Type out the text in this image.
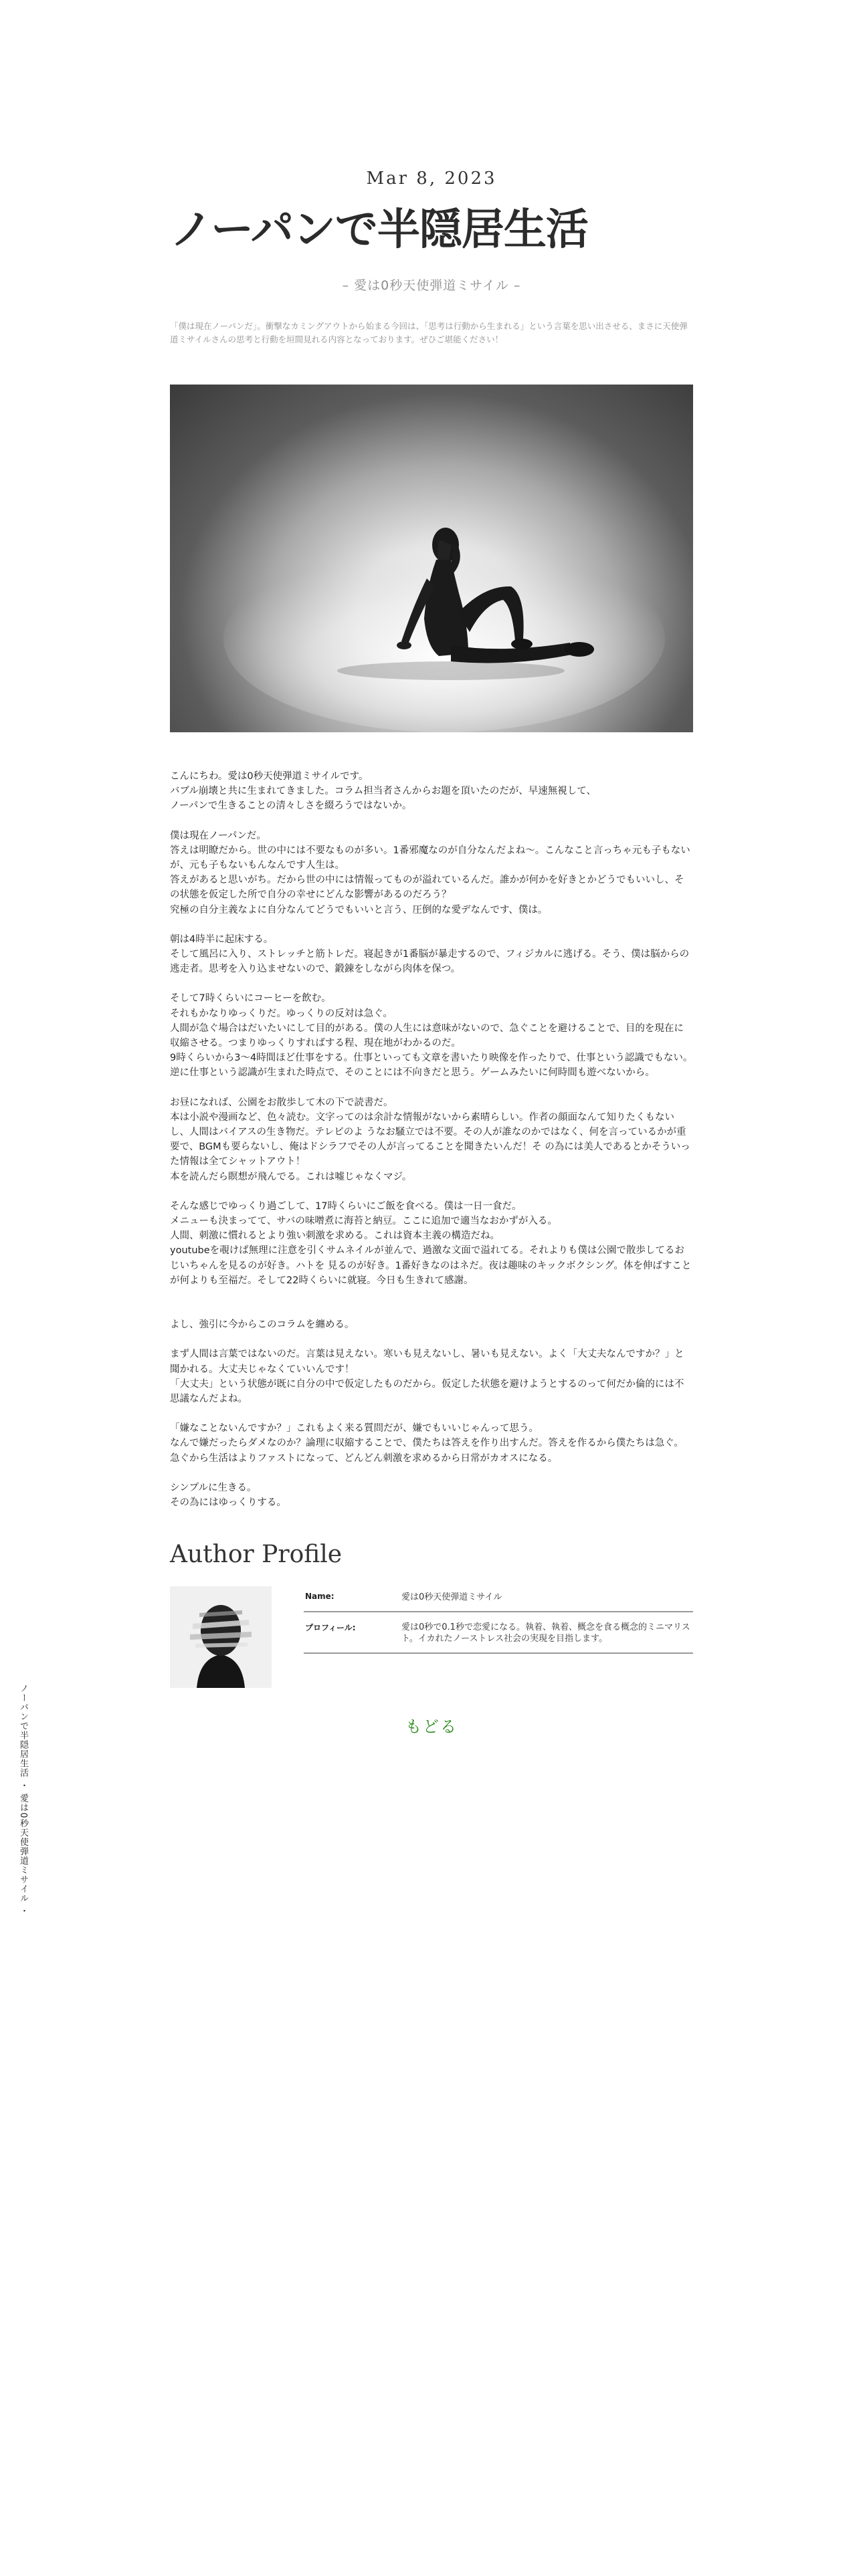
ノーパンで半隠居生活 ・ 愛は0秒天使弾道ミサイル ・
Mar 8, 2023
ノーパンで半隠居生活
– 愛は0秒天使弾道ミサイル –
「僕は現在ノーパンだ」。衝撃なカミングアウトから始まる今回は、「思考は行動から生まれる」という言葉を思い出させる、まさに天使弾道ミサイルさんの思考と行動を垣間見れる内容となっております。ぜひご堪能ください！

こんにちわ。愛は0秒天使弾道ミサイルです。
バブル崩壊と共に生まれてきました。コラム担当者さんからお題を頂いたのだが、早速無視して、
ノーパンで生きることの清々しさを綴ろうではないか。

僕は現在ノーパンだ。
答えは明瞭だから。世の中には不要なものが多い。1番邪魔なのが自分なんだよね〜。こんなこと言っちゃ元も子もないが、元も子もないもんなんです人生は。
答えがあると思いがち。だから世の中には情報ってものが溢れているんだ。誰かが何かを好きとかどうでもいいし、その状態を仮定した所で自分の幸せにどんな影響があるのだろう？
究極の自分主義なよに自分なんてどうでもいいと言う、圧倒的な愛デなんです、僕は。

朝は4時半に起床する。
そして風呂に入り、ストレッチと筋トレだ。寝起きが1番脳が暴走するので、フィジカルに逃げる。そう、僕は脳からの逃走者。思考を入り込ませないので、鍛錬をしながら肉体を保つ。

そして7時くらいにコーヒーを飲む。
それもかなりゆっくりだ。ゆっくりの反対は急ぐ。
人間が急ぐ場合はだいたいにして目的がある。僕の人生には意味がないので、急ぐことを避けることで、目的を現在に収縮させる。つまりゆっくりすればする程、現在地がわかるのだ。
9時くらいから3〜4時間ほど仕事をする。仕事といっても文章を書いたり映像を作ったりで、仕事という認識でもない。逆に仕事という認識が生まれた時点で、そのことには不向きだと思う。ゲームみたいに何時間も遊べないから。

お昼になれば、公園をお散歩して木の下で読書だ。
本は小説や漫画など、色々読む。文字ってのは余計な情報がないから素晴らしい。作者の顔面なんて知りたくもないし、人間はバイアスの生き物だ。テレビのよ うなお騒立では不要。その人が誰なのかではなく、何を言っているかが重要で、BGMも要らないし、俺はドシラフでその人が言ってることを聞きたいんだ！そ の為には美人であるとかそういった情報は全てシャットアウト！
本を読んだら瞑想が飛んでる。これは嘘じゃなくマジ。

そんな感じでゆっくり過ごして、17時くらいにご飯を食べる。僕は一日一食だ。
メニューも決まってて、サバの味噌煮に海苔と納豆。ここに追加で適当なおかずが入る。
人間、刺激に慣れるとより強い刺激を求める。これは資本主義の構造だね。
youtubeを覗けば無理に注意を引くサムネイルが並んで、過激な文面で溢れてる。それよりも僕は公園で散歩してるおじいちゃんを見るのが好き。ハトを 見るのが好き。1番好きなのはネだ。夜は趣味のキックボクシング。体を伸ばすことが何よりも至福だ。そして22時くらいに就寝。今日も生きれて感謝。

よし、強引に今からこのコラムを纏める。

まず人間は言葉ではないのだ。言葉は見えない。寒いも見えないし、暑いも見えない。よく「大丈夫なんですか？」と聞かれる。大丈夫じゃなくていいんです！
「大丈夫」という状態が既に自分の中で仮定したものだから。仮定した状態を避けようとするのって何だか倫的には不思議なんだよね。

「嫌なことないんですか？」これもよく来る質問だが、嫌でもいいじゃんって思う。
なんで嫌だったらダメなのか？論理に収縮することで、僕たちは答えを作り出すんだ。答えを作るから僕たちは急ぐ。急ぐから生活はよりファストになって、どんどん刺激を求めるから日常がカオスになる。

シンプルに生きる。
その為にはゆっくりする。

Author Profile
Name:	愛は0秒天使弾道ミサイル
プロフィール:	愛は0秒で0.1秒で恋愛になる。執着、執着、概念を食る概念的ミニマリスト。イカれたノーストレス社会の実現を目指します。
もどる
